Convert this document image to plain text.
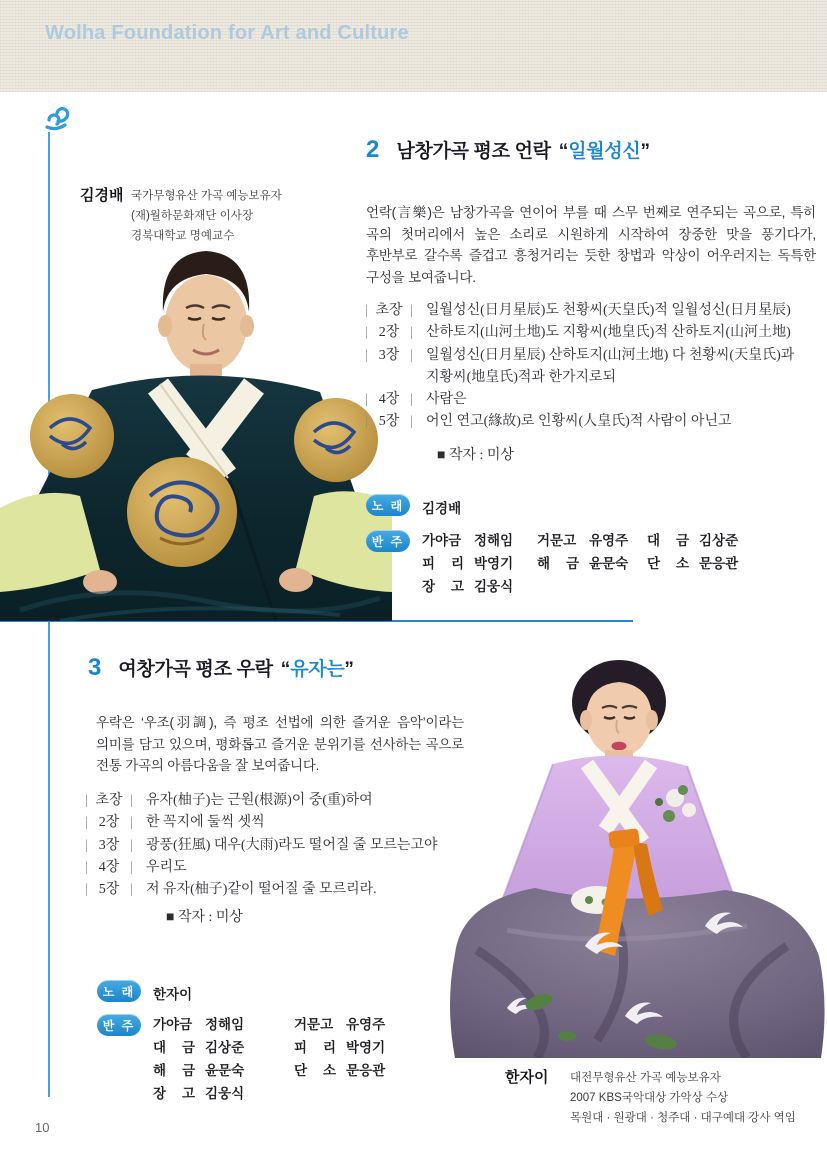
Wolha Foundation for Art and Culture
김경배 국가무형유산 가곡 예능보유자
(재)월하문화재단 이사장
경북대학교 명예교수
2 남창가곡 평조 언락 “ 일월성신 ”
언락(言樂)은 남창가곡을 연이어 부를 때 스무 번째로 연주되는 곡으로, 특히 곡의 첫머리에서 높은 소리로 시원하게 시작하여 장중한 맛을 풍기다가, 후반부로 갈수록 즐겁고 흥청거리는 듯한 창법과 악상이 어우러지는 독특한 구성을 보여줍니다.
| 초장 | 일월성신(日月星辰)도 천황씨(天皇氏)적 일월성신(日月星辰)
| 2장 | 산하토지(山河土地)도 지황씨(地皇氏)적 산하토지(山河土地)
| 3장 | 일월성신(日月星辰) 산하토지(山河土地) 다 천황씨(天皇氏)과 지황씨(地皇氏)적과 한가지로되
| 4장 | 사람은
| 5장 | 어인 연고(緣故)로 인황씨(人皇氏)적 사람이 아닌고
■ 작자 : 미상
노 래	김경배
반 주	가야금 정해임	거문고 유영주	대 금 김상준
피 리 박영기	해 금 윤문숙	단 소 문응관
장 고 김웅식
3 여창가곡 평조 우락 “ 유자는 ”
우락은 ‘우조(羽調), 즉 평조 선법에 의한 즐거운 음악’이라는 의미를 담고 있으며, 평화롭고 즐거운 분위기를 선사하는 곡으로 전통 가곡의 아름다움을 잘 보여줍니다.
| 초장 | 유자(柚子)는 근원(根源)이 중(重)하여
| 2장 | 한 꼭지에 둘씩 셋씩
| 3장 | 광풍(狂風) 대우(大雨)라도 떨어질 줄 모르는고야
| 4장 | 우리도
| 5장 | 저 유자(柚子)같이 떨어질 줄 모르리라.
■ 작자 : 미상
노 래	한자이
반 주	가야금 정해임	거문고 유영주
대 금 김상준	피 리 박영기
해 금 윤문숙	단 소 문응관
장 고 김웅식
한자이 대전무형유산 가곡 예능보유자
2007 KBS국악대상 가악상 수상
목원대 · 원광대 · 청주대 · 대구예대 강사 역임
10
